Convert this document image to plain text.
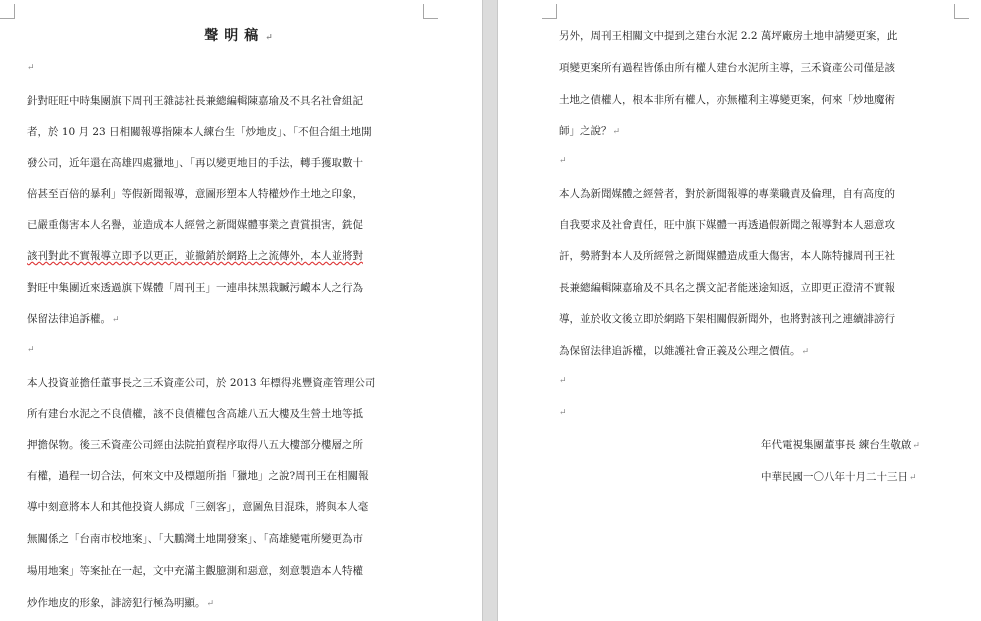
聲明稿↵
↵
針對旺旺中時集團旗下周刊王雜誌社長兼總編輯陳嘉瑜及不具名社會組記
者，於 10 月 23 日相關報導指陳本人練台生「炒地皮」、「不但合組土地開
發公司，近年還在高雄四處獵地」、「再以變更地目的手法，轉手獲取數十
倍甚至百倍的暴利」等假新聞報導，意圖形塑本人特權炒作土地之印象，
已嚴重傷害本人名譽，並造成本人經營之新聞媒體事業之責賞損害，銑促
該刊對此不實報導立即予以更正，並撤銷於網路上之流傳外，本人並將對
對旺中集團近來透過旗下媒體「周刊王」一連串抹黑栽贓污衊本人之行為
保留法律追訴權。↵
↵
本人投資並擔任董事長之三禾資產公司，於 2013 年標得兆豐資產管理公司
所有建台水泥之不良債權，該不良債權包含高雄八五大樓及生營土地等抵
押擔保物。後三禾資產公司經由法院拍賣程序取得八五大樓部分樓層之所
有權，過程一切合法，何來文中及標題所指「獵地」之說?周刊王在相關報
導中刻意將本人和其他投資人綁成「三劍客」，意圖魚目混珠，將與本人毫
無關係之「台南市校地案」、「大鵬灣土地開發案」、「高雄變電所變更為市
場用地案」等案扯在一起，文中充滿主觀臆測和惡意，刻意製造本人特權
炒作地皮的形象，誹謗犯行極為明顯。↵
另外，周刊王相關文中提到之建台水泥 2.2 萬坪廠房土地申請變更案，此
項變更案所有過程皆係由所有權人建台水泥所主導，三禾資產公司僅是該
土地之債權人，根本非所有權人，亦無權利主導變更案，何來「炒地魔術
師」之說？↵
↵
本人為新聞媒體之經營者，對於新聞報導的專業職責及倫理，自有高度的
自我要求及社會責任，旺中旗下媒體一再透過假新聞之報導對本人惡意攻
訐，勢將對本人及所經營之新聞媒體造成重大傷害，本人陈特據周刊王社
長兼總編輯陳嘉瑜及不具名之撰文記者能迷途知返，立即更正澄清不實報
導，並於收文後立即於網路下架相關假新聞外，也將對該刊之連續誹謗行
為保留法律追訴權，以維護社會正義及公理之價值。↵
↵
↵
年代電視集團董事長 練台生敬啟↵
中華民國一〇八年十月二十三日↵
